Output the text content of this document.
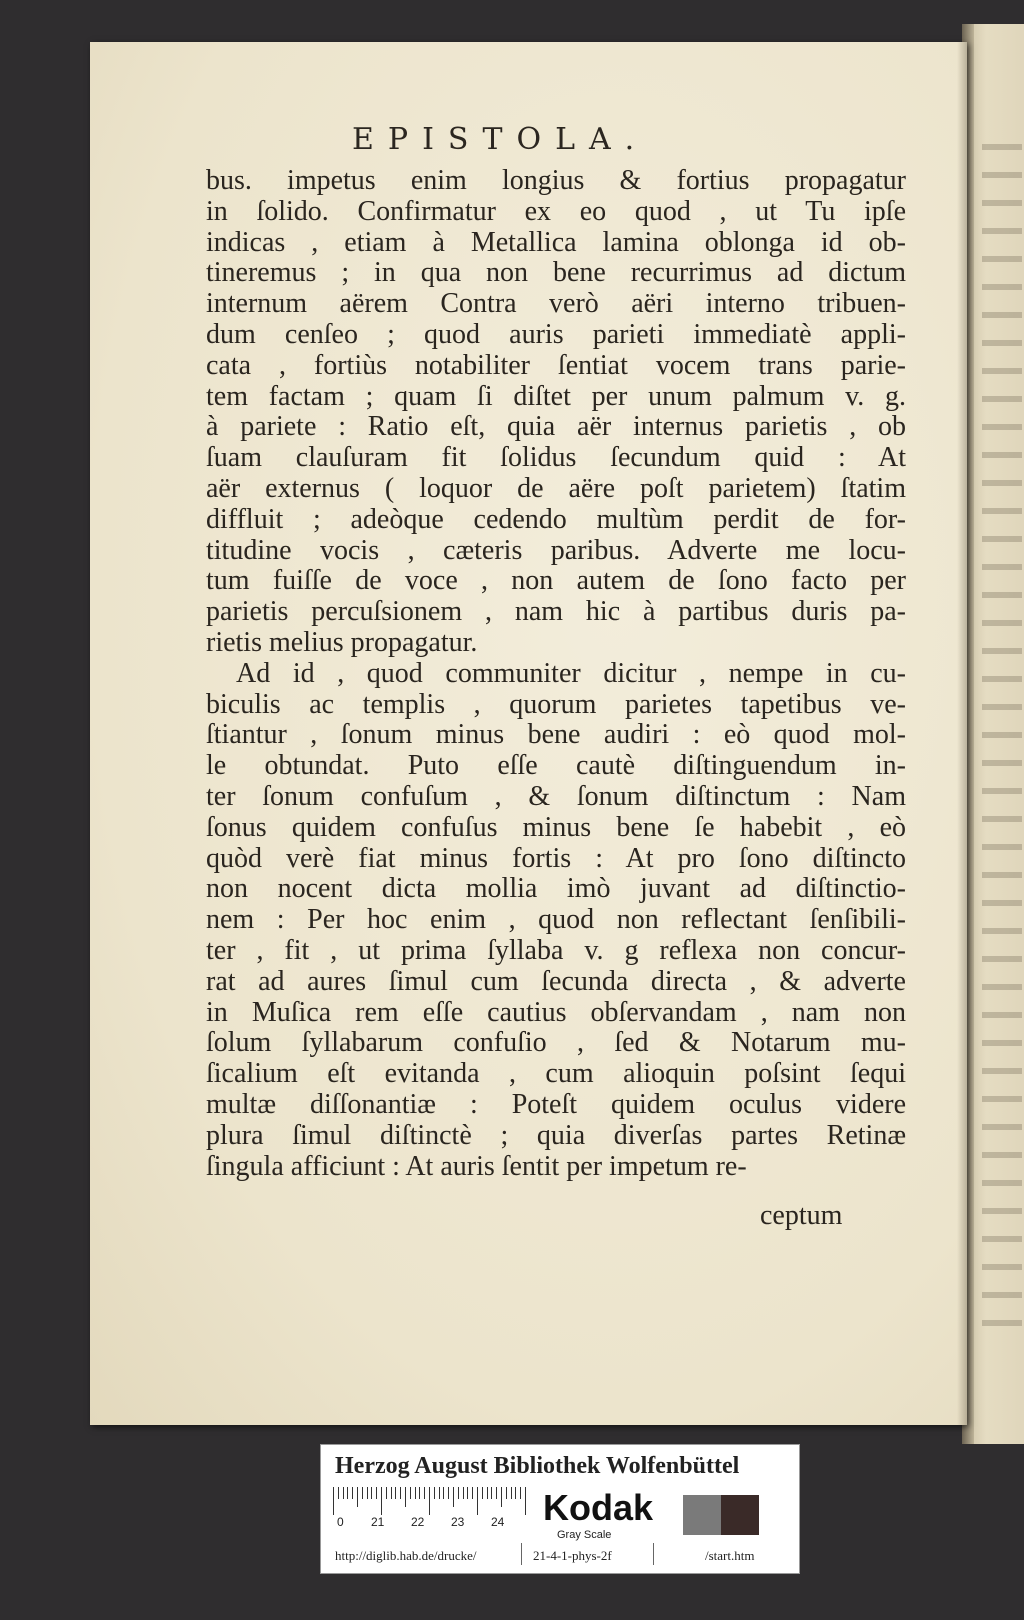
EPISTOLA.
bus. impetus enim longius & fortius propagatur
in ſolido. Confirmatur ex eo quod , ut Tu ipſe
indicas , etiam à Metallica lamina oblonga id ob-
tineremus ; in qua non bene recurrimus ad dictum
internum aërem Contra verò aëri interno tribuen-
dum cenſeo ; quod auris parieti immediatè appli-
cata , fortiùs notabiliter ſentiat vocem trans parie-
tem factam ; quam ſi diſtet per unum palmum v. g.
à pariete : Ratio eſt, quia aër internus parietis , ob
ſuam clauſuram fit ſolidus ſecundum quid : At
aër externus ( loquor de aëre poſt parietem) ſtatim
diffluit ; adeòque cedendo multùm perdit de for-
titudine vocis , cæteris paribus. Adverte me locu-
tum fuiſſe de voce , non autem de ſono facto per
parietis percuſsionem , nam hic à partibus duris pa-
rietis melius propagatur.
Ad id , quod communiter dicitur , nempe in cu-
biculis ac templis , quorum parietes tapetibus ve-
ſtiantur , ſonum minus bene audiri : eò quod mol-
le obtundat. Puto eſſe cautè diſtinguendum in-
ter ſonum confuſum , & ſonum diſtinctum : Nam
ſonus quidem confuſus minus bene ſe habebit , eò
quòd verè fiat minus fortis : At pro ſono diſtincto
non nocent dicta mollia imò juvant ad diſtinctio-
nem : Per hoc enim , quod non reflectant ſenſibili-
ter , fit , ut prima ſyllaba v. g reflexa non concur-
rat ad aures ſimul cum ſecunda directa , & adverte
in Muſica rem eſſe cautius obſervandam , nam non
ſolum ſyllabarum confuſio , ſed & Notarum mu-
ſicalium eſt evitanda , cum alioquin poſsint ſequi
multæ diſſonantiæ : Poteſt quidem oculus videre
plura ſimul diſtinctè ; quia diverſas partes Retinæ
ſingula afficiunt : At auris ſentit per impetum re-
ceptum
Herzog August Bibliothek Wolfenbüttel
0 21 22 23 24 Kodak
Gray Scale
http://diglib.hab.de/drucke/	21-4-1-phys-2f	/start.htm
